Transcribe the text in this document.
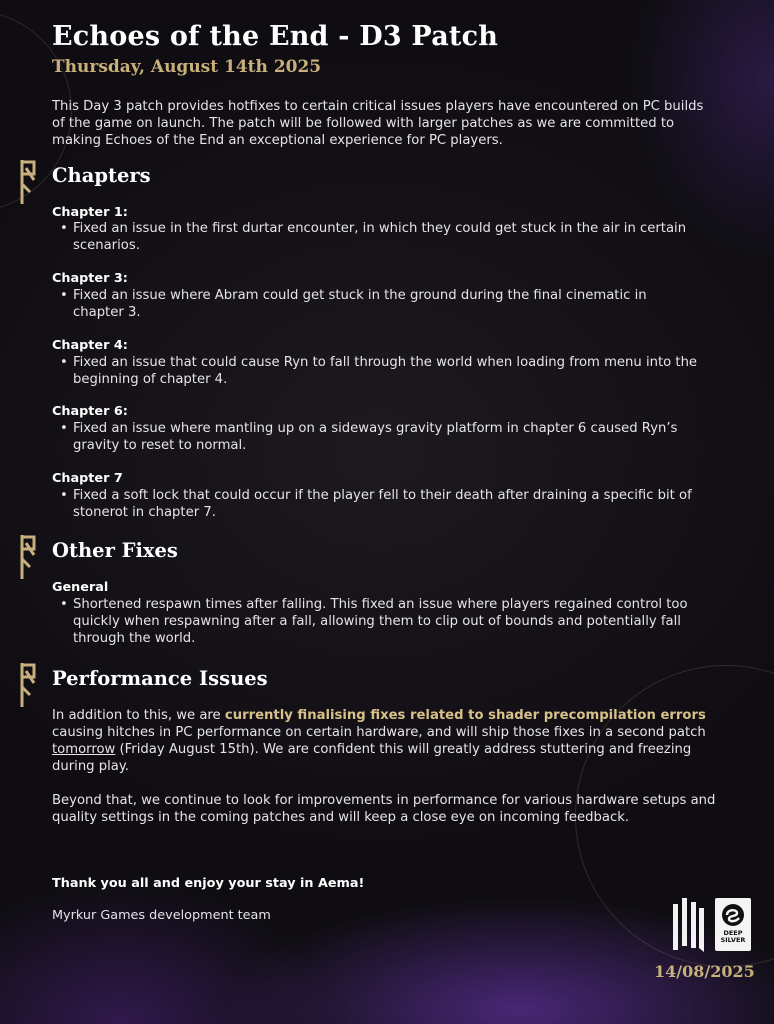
Echoes of the End - D3 Patch
Thursday, August 14th 2025
This Day 3 patch provides hotfixes to certain critical issues players have encountered on PC builds of the game on launch. The patch will be followed with larger patches as we are committed to making Echoes of the End an exceptional experience for PC players.
Chapters
Chapter 1:
• Fixed an issue in the first durtar encounter, in which they could get stuck in the air in certain scenarios.
Chapter 3:
• Fixed an issue where Abram could get stuck in the ground during the final cinematic in chapter 3.
Chapter 4:
• Fixed an issue that could cause Ryn to fall through the world when loading from menu into the beginning of chapter 4.
Chapter 6:
• Fixed an issue where mantling up on a sideways gravity platform in chapter 6 caused Ryn’s gravity to reset to normal.
Chapter 7
• Fixed a soft lock that could occur if the player fell to their death after draining a specific bit of stonerot in chapter 7.
Other Fixes
General
• Shortened respawn times after falling. This fixed an issue where players regained control too quickly when respawning after a fall, allowing them to clip out of bounds and potentially fall through the world.
Performance Issues
In addition to this, we are currently finalising fixes related to shader precompilation errors causing hitches in PC performance on certain hardware, and will ship those fixes in a second patch tomorrow (Friday August 15th). We are confident this will greatly address stuttering and freezing during play.
Beyond that, we continue to look for improvements in performance for various hardware setups and quality settings in the coming patches and will keep a close eye on incoming feedback.
Thank you all and enjoy your stay in Aema!
Myrkur Games development team
DEEP
SILVER
14/08/2025
